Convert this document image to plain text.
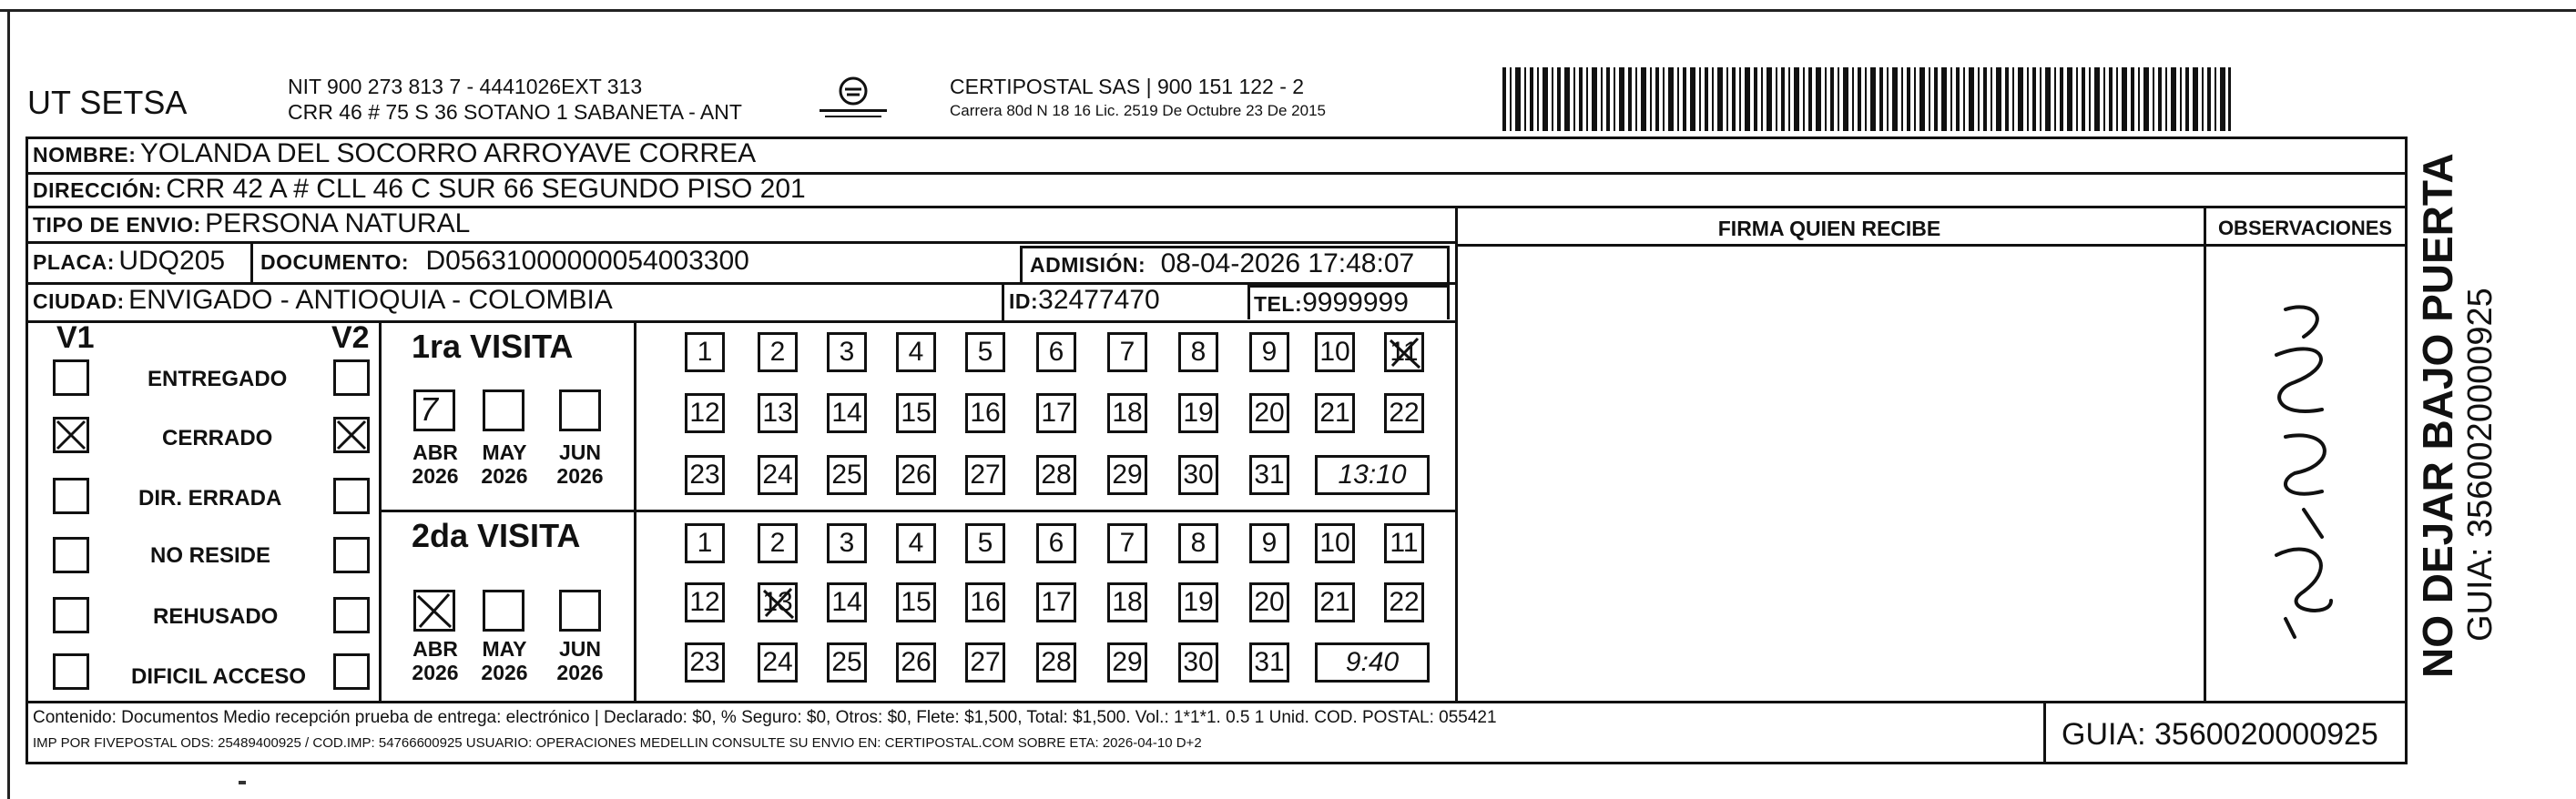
UT SETSA	NIT 900 273 813 7 - 4441026EXT 313
CRR 46 # 75 S 36 SOTANO 1 SABANETA - ANT
CERTIPOSTAL SAS | 900 151 122 - 2
Carrera 80d N 18 16 Lic. 2519 De Octubre 23 De 2015
NOMBRE: YOLANDA DEL SOCORRO ARROYAVE CORREA
DIRECCIÓN: CRR 42 A # CLL 46 C SUR 66 SEGUNDO PISO 201
TIPO DE ENVIO: PERSONA NATURAL
PLACA: UDQ205 DOCUMENTO: D05631000000054003300	ADMISIÓN: 08-04-2026 17:48:07
CIUDAD: ENVIGADO - ANTIOQUIA - COLOMBIA	ID:32477470	TEL:9999999
FIRMA QUIEN RECIBE	OBSERVACIONES
V1	V2
ENTREGADO
CERRADO
DIR. ERRADA
NO RESIDE
REHUSADO
DIFICIL ACCESO
1ra VISITA
2da VISITA
7
ABR
2026
MAY
2026
JUN
2026
ABR
2026
MAY
2026
JUN
2026
1	2	3	4	5	6	7	8	9	10 11
12 13 14 15 16 17 18 19 20 21 22
23 24 25 26 27 28 29 30 31	13:10
1	2	3	4	5	6	7	8	9	10 11
12 13 14 15 16 17 18 19 20 21 22
23 24 25 26 27 28 29 30 31	9:40	NO DEJAR BAJO PUERTA GUIA: 3560020000925
Contenido: Documentos Medio recepción prueba de entrega: electrónico | Declarado: $0, % Seguro: $0, Otros: $0, Flete: $1,500, Total: $1,500. Vol.: 1*1*1. 0.5 1 Unid. COD. POSTAL: 055421
IMP POR FIVEPOSTAL ODS: 25489400925 / COD.IMP: 54766600925 USUARIO: OPERACIONES MEDELLIN CONSULTE SU ENVIO EN: CERTIPOSTAL.COM SOBRE ETA: 2026-04-10 D+2	GUIA: 3560020000925
